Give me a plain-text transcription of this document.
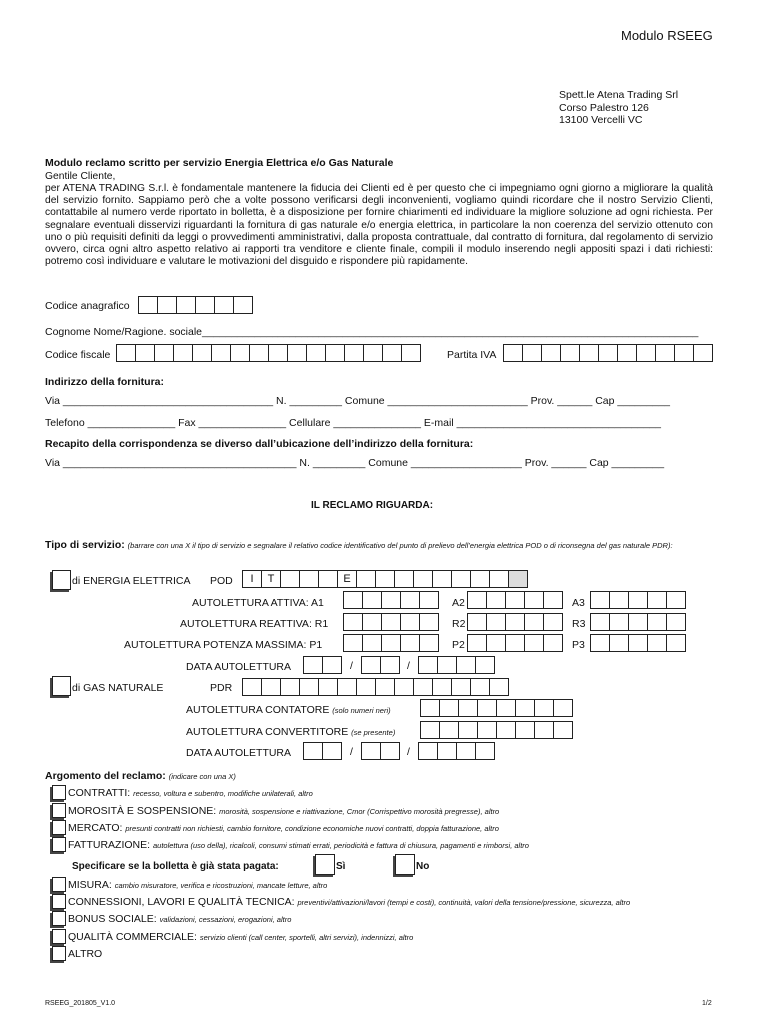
Modulo RSEEG
Spett.le Atena Trading Srl
Corso Palestro 126
13100 Vercelli VC
Modulo reclamo scritto per servizio Energia Elettrica e/o Gas Naturale
Gentile Cliente,
per ATENA TRADING S.r.l. è fondamentale mantenere la fiducia dei Clienti ed è per questo che ci impegniamo ogni giorno a migliorare la qualità del servizio fornito. Sappiamo però che a volte possono verificarsi degli inconvenienti, vogliamo quindi ricordare che il nostro Servizio Clienti, contattabile al numero verde riportato in bolletta, è a disposizione per fornire chiarimenti ed individuare la migliore soluzione ad ogni richiesta. Per segnalare eventuali disservizi riguardanti la fornitura di gas naturale e/o energia elettrica, in particolare la non coerenza del servizio ottenuto con uno o più requisiti definiti da leggi o provvedimenti amministrativi, dalla proposta contrattuale, dal contratto di fornitura, dal regolamento di servizio ovvero, circa ogni altro aspetto relativo ai rapporti tra venditore e cliente finale, compili il modulo inserendo negli appositi spazi i dati richiesti: potremo così individuare e valutare le motivazioni del disguido e rispondere più rapidamente.
Codice anagrafico
Cognome Nome/Ragione. sociale_____________________________________________________________________________________
Codice fiscale	Partita IVA
Indirizzo della fornitura:
Via ____________________________________ N. _________ Comune ________________________ Prov. ______ Cap _________
Telefono _______________ Fax _______________ Cellulare _______________ E-mail ___________________________________
Recapito della corrispondenza se diverso dall’ubicazione dell’indirizzo della fornitura:
Via ________________________________________ N. _________ Comune ___________________ Prov. ______ Cap _________
IL RECLAMO RIGUARDA:
Tipo di servizio: (barrare con una X il tipo di servizio e segnalare il relativo codice identificativo del punto di prelievo dell’energia elettrica POD o di riconsegna del gas naturale PDR):
di ENERGIA ELETTRICA POD	I	T	E
AUTOLETTURA ATTIVA: A1	A2	A3
AUTOLETTURA REATTIVA: R1	R2	R3
AUTOLETTURA POTENZA MASSIMA: P1	P2	P3
DATA AUTOLETTURA	/	/
di GAS NATURALE	PDR
AUTOLETTURA CONTATORE (solo numeri neri)
AUTOLETTURA CONVERTITORE (se presente)
DATA AUTOLETTURA	/	/
Argomento del reclamo: (indicare con una X)
CONTRATTI: recesso, voltura e subentro, modifiche unilaterali, altro
MOROSITÀ E SOSPENSIONE: morosità, sospensione e riattivazione, Cmor (Corrispettivo morosità pregresse), altro
MERCATO: presunti contratti non richiesti, cambio fornitore, condizione economiche nuovi contratti, doppia fatturazione, altro
FATTURAZIONE: autolettura (uso della), ricalcoli, consumi stimati errati, periodicità e fattura di chiusura, pagamenti e rimborsi, altro
Specificare se la bolletta è già stata pagata:	Sì	No
MISURA: cambio misuratore, verifica e ricostruzioni, mancate letture, altro
CONNESSIONI, LAVORI E QUALITÀ TECNICA: preventivi/attivazioni/lavori (tempi e costi), continuità, valori della tensione/pressione, sicurezza, altro
BONUS SOCIALE: validazioni, cessazioni, erogazioni, altro
QUALITÀ COMMERCIALE: servizio clienti (call center, sportelli, altri servizi), indennizzi, altro
ALTRO
RSEEG_201805_V1.0	1/2
